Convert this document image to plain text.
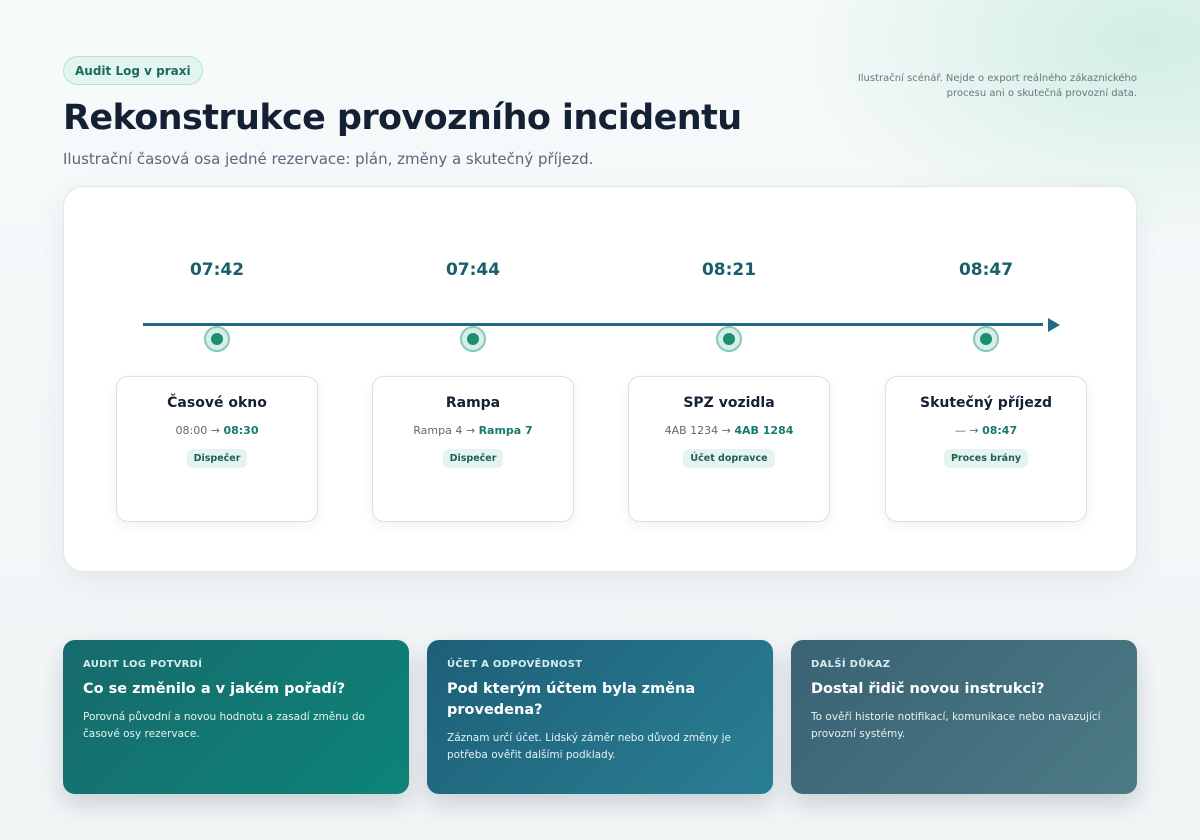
Audit Log v praxi
Ilustrační scénář. Nejde o export reálného zákaznického procesu ani o skutečná provozní data.
Rekonstrukce provozního incidentu
Ilustrační časová osa jedné rezervace: plán, změny a skutečný příjezd.
07:42
Časové okno
08:00 → 08:30
Dispečer
07:44
Rampa
Rampa 4 → Rampa 7
Dispečer
08:21
SPZ vozidla
4AB 1234 → 4AB 1284
Účet dopravce
08:47
Skutečný příjezd
— → 08:47
Proces brány
AUDIT LOG POTVRDÍ
Co se změnilo a v jakém pořadí?
Porovná původní a novou hodnotu a zasadí změnu do časové osy rezervace.
ÚČET A ODPOVĚDNOST
Pod kterým účtem byla změna provedena?
Záznam určí účet. Lidský záměr nebo důvod změny je potřeba ověřit dalšími podklady.
DALŠÍ DŮKAZ
Dostal řidič novou instrukci?
To ověří historie notifikací, komunikace nebo navazující provozní systémy.
